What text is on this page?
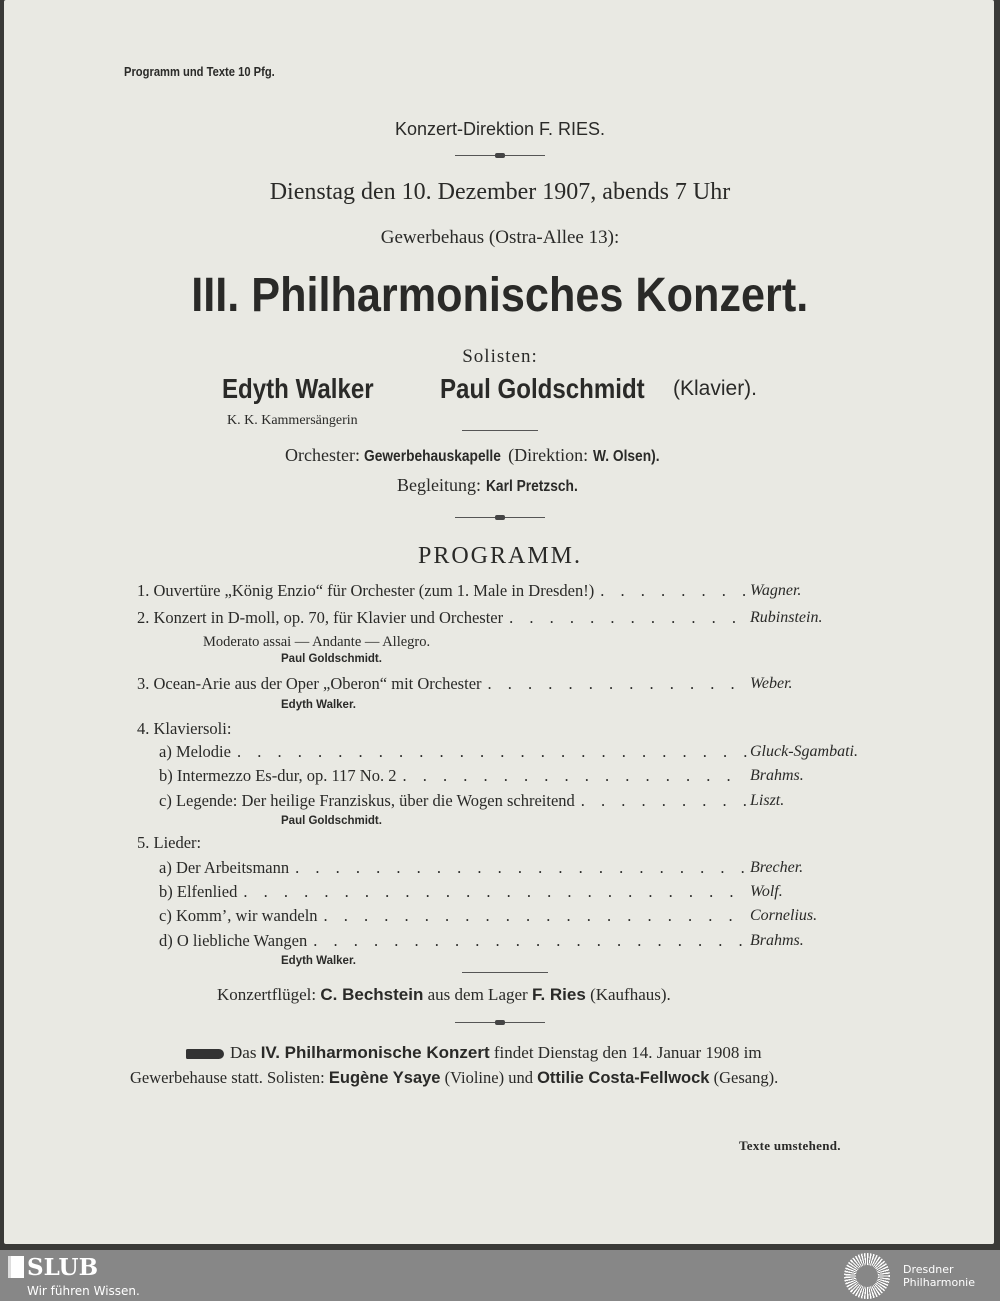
Programm und Texte 10 Pfg.
Konzert-Direktion F. RIES.
Dienstag den 10. Dezember 1907, abends 7 Uhr
Gewerbehaus (Ostra-Allee 13):
III. Philharmonisches Konzert.
Solisten:
Edyth Walker	Paul Goldschmidt	(Klavier).
K. K. Kammersängerin
Orchester: Gewerbehauskapelle (Direktion: W. Olsen).
Begleitung: Karl Pretzsch.
PROGRAMM.
1. Ouvertüre „König Enzio“ für Orchester (zum 1. Male in Dresden!) . . .	Wagner.
2. Konzert in D-moll, op. 70, für Klavier und Orchester . . .	Rubinstein.
Moderato assai — Andante — Allegro.
Paul Goldschmidt.
3. Ocean-Arie aus der Oper „Oberon“ mit Orchester . . .	Weber.
Edyth Walker.
4. Klaviersoli:
a) Melodie . . .	Gluck-Sgambati.
b) Intermezzo Es-dur, op. 117 No. 2 . . .	Brahms.
c) Legende: Der heilige Franziskus, über die Wogen schreitend . . .	Liszt.
Paul Goldschmidt.
5. Lieder:
a) Der Arbeitsmann . . .	Brecher.
b) Elfenlied . . .	Wolf.
c) Komm’, wir wandeln . . .	Cornelius.
d) O liebliche Wangen . . .	Brahms.
Edyth Walker.
Konzertflügel: C. Bechstein aus dem Lager F. Ries (Kaufhaus).
Das IV. Philharmonische Konzert findet Dienstag den 14. Januar 1908 im
Gewerbehause statt. Solisten: Eugène Ysaye (Violine) und Ottilie Costa-Fellwock (Gesang).
Texte umstehend.
SLUB
Wir führen Wissen.
Dresdner
Philharmonie
